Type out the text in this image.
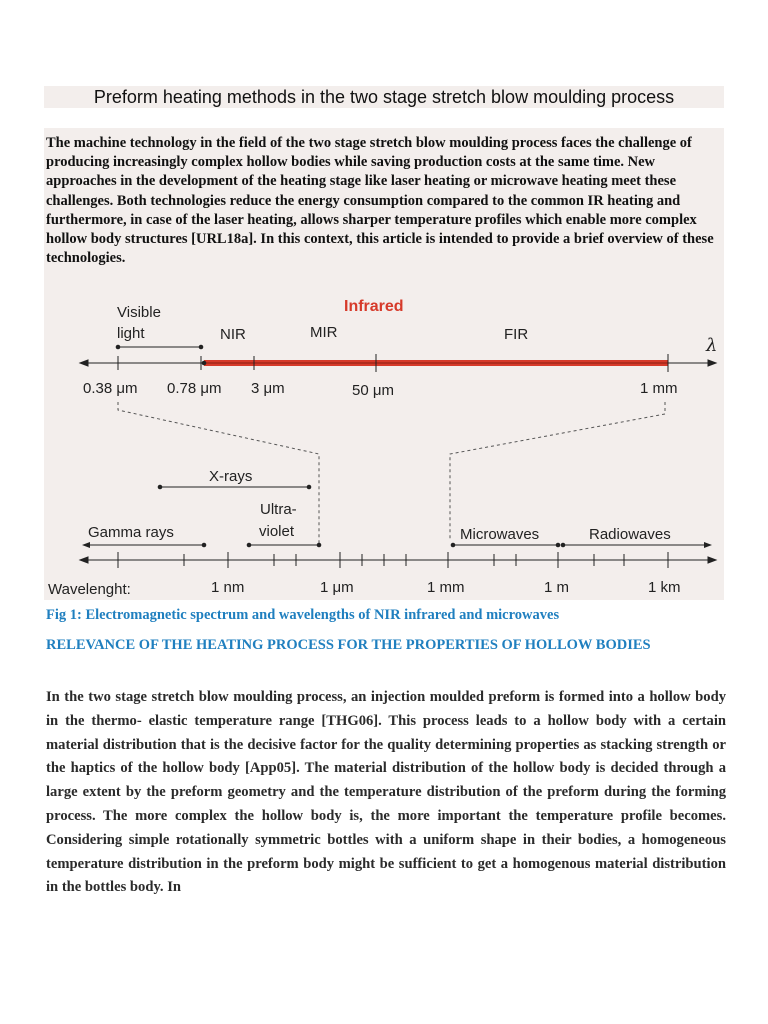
Preform heating methods in the two stage stretch blow moulding process
The machine technology in the field of the two stage stretch blow moulding process faces the challenge of producing increasingly complex hollow bodies while saving production costs at the same time. New approaches in the development of the heating stage like laser heating or microwave heating meet these challenges. Both technologies reduce the energy consumption compared to the common IR heating and furthermore, in case of the laser heating, allows sharper temperature profiles which enable more complex hollow body structures [URL18a]. In this context, this article is intended to provide a brief overview of these technologies.
Visible
light
Infrared
NIR	MIR	FIR
λ
0.38 μm 0.78 μm 3 μm	50 μm	1 mm
X-rays
Ultra-
violet
Gamma rays	Microwaves	Radiowaves
Wavelenght:	1 nm	1 μm	1 mm	1 m	1 km
Fig 1: Electromagnetic spectrum and wavelengths of NIR infrared and microwaves
RELEVANCE OF THE HEATING PROCESS FOR THE PROPERTIES OF HOLLOW BODIES
In the two stage stretch blow moulding process, an injection moulded preform is formed into a hollow body in the thermo- elastic temperature range [THG06]. This process leads to a hollow body with a certain material distribution that is the decisive factor for the quality determining properties as stacking strength or the haptics of the hollow body [App05]. The material distribution of the hollow body is decided through a large extent by the preform geometry and the temperature distribution of the preform during the forming process. The more complex the hollow body is, the more important the temperature profile becomes. Considering simple rotationally symmetric bottles with a uniform shape in their bodies, a homogeneous temperature distribution in the preform body might be sufficient to get a homogenous material distribution in the bottles body. In
